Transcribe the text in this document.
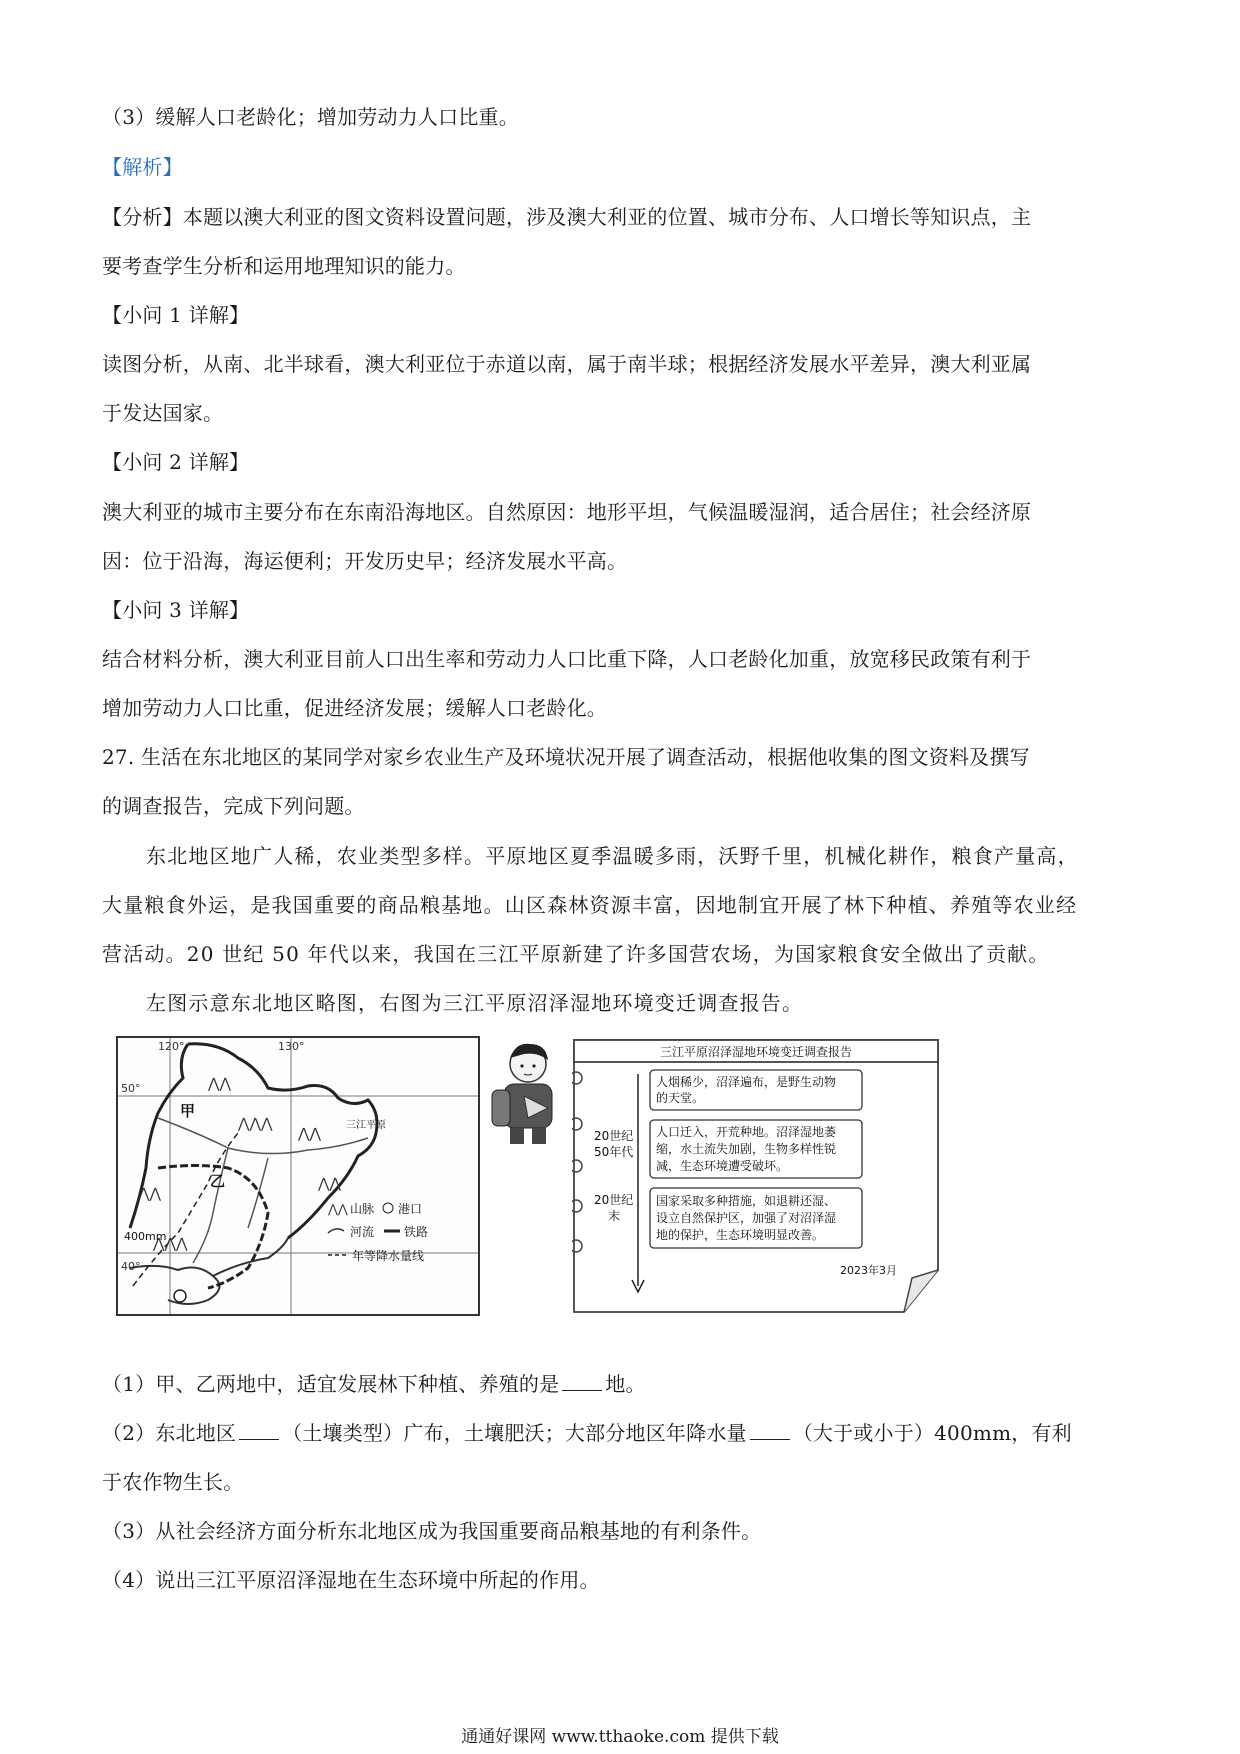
（3）缓解人口老龄化；增加劳动力人口比重。
【解析】
【分析】本题以澳大利亚的图文资料设置问题，涉及澳大利亚的位置、城市分布、人口增长等知识点，主
要考查学生分析和运用地理知识的能力。
【小问 1 详解】
读图分析，从南、北半球看，澳大利亚位于赤道以南，属于南半球；根据经济发展水平差异，澳大利亚属
于发达国家。
【小问 2 详解】
澳大利亚的城市主要分布在东南沿海地区。自然原因：地形平坦，气候温暖湿润，适合居住；社会经济原
因：位于沿海，海运便利；开发历史早；经济发展水平高。
【小问 3 详解】
结合材料分析，澳大利亚目前人口出生率和劳动力人口比重下降，人口老龄化加重，放宽移民政策有利于
增加劳动力人口比重，促进经济发展；缓解人口老龄化。
27. 生活在东北地区的某同学对家乡农业生产及环境状况开展了调查活动，根据他收集的图文资料及撰写
的调查报告，完成下列问题。
东北地区地广人稀，农业类型多样。平原地区夏季温暖多雨，沃野千里，机械化耕作，粮食产量高，
大量粮食外运，是我国重要的商品粮基地。山区森林资源丰富，因地制宜开展了林下种植、养殖等农业经
营活动。20 世纪 50 年代以来，我国在三江平原新建了许多国营农场，为国家粮食安全做出了贡献。
左图示意东北地区略图，右图为三江平原沼泽湿地环境变迁调查报告。
120°	130°
50°
40°
⋀⋀
⋀⋀⋀
⋀⋀
⋀⋀
⋀⋀⋀
⋀⋀
甲
乙
三江平原
400mm
⋀⋀ 山脉 港口
河流 铁路
年等降水量线
三江平原沼泽湿地环境变迁调查报告
20世纪
50年代
20世纪
末
人烟稀少，沼泽遍布，是野生动物
的天堂。
人口迁入，开荒种地。沼泽湿地萎
缩，水土流失加剧，生物多样性锐
减，生态环境遭受破坏。
国家采取多种措施，如退耕还湿、
设立自然保护区，加强了对沼泽湿
地的保护，生态环境明显改善。
2023年3月
（1）甲、乙两地中，适宜发展林下种植、养殖的是 地。
（2）东北地区 （土壤类型）广布，土壤肥沃；大部分地区年降水量 （大于或小于）400mm，有利
于农作物生长。
（3）从社会经济方面分析东北地区成为我国重要商品粮基地的有利条件。
（4）说出三江平原沼泽湿地在生态环境中所起的作用。
通通好课网 www.tthaoke.com 提供下载
